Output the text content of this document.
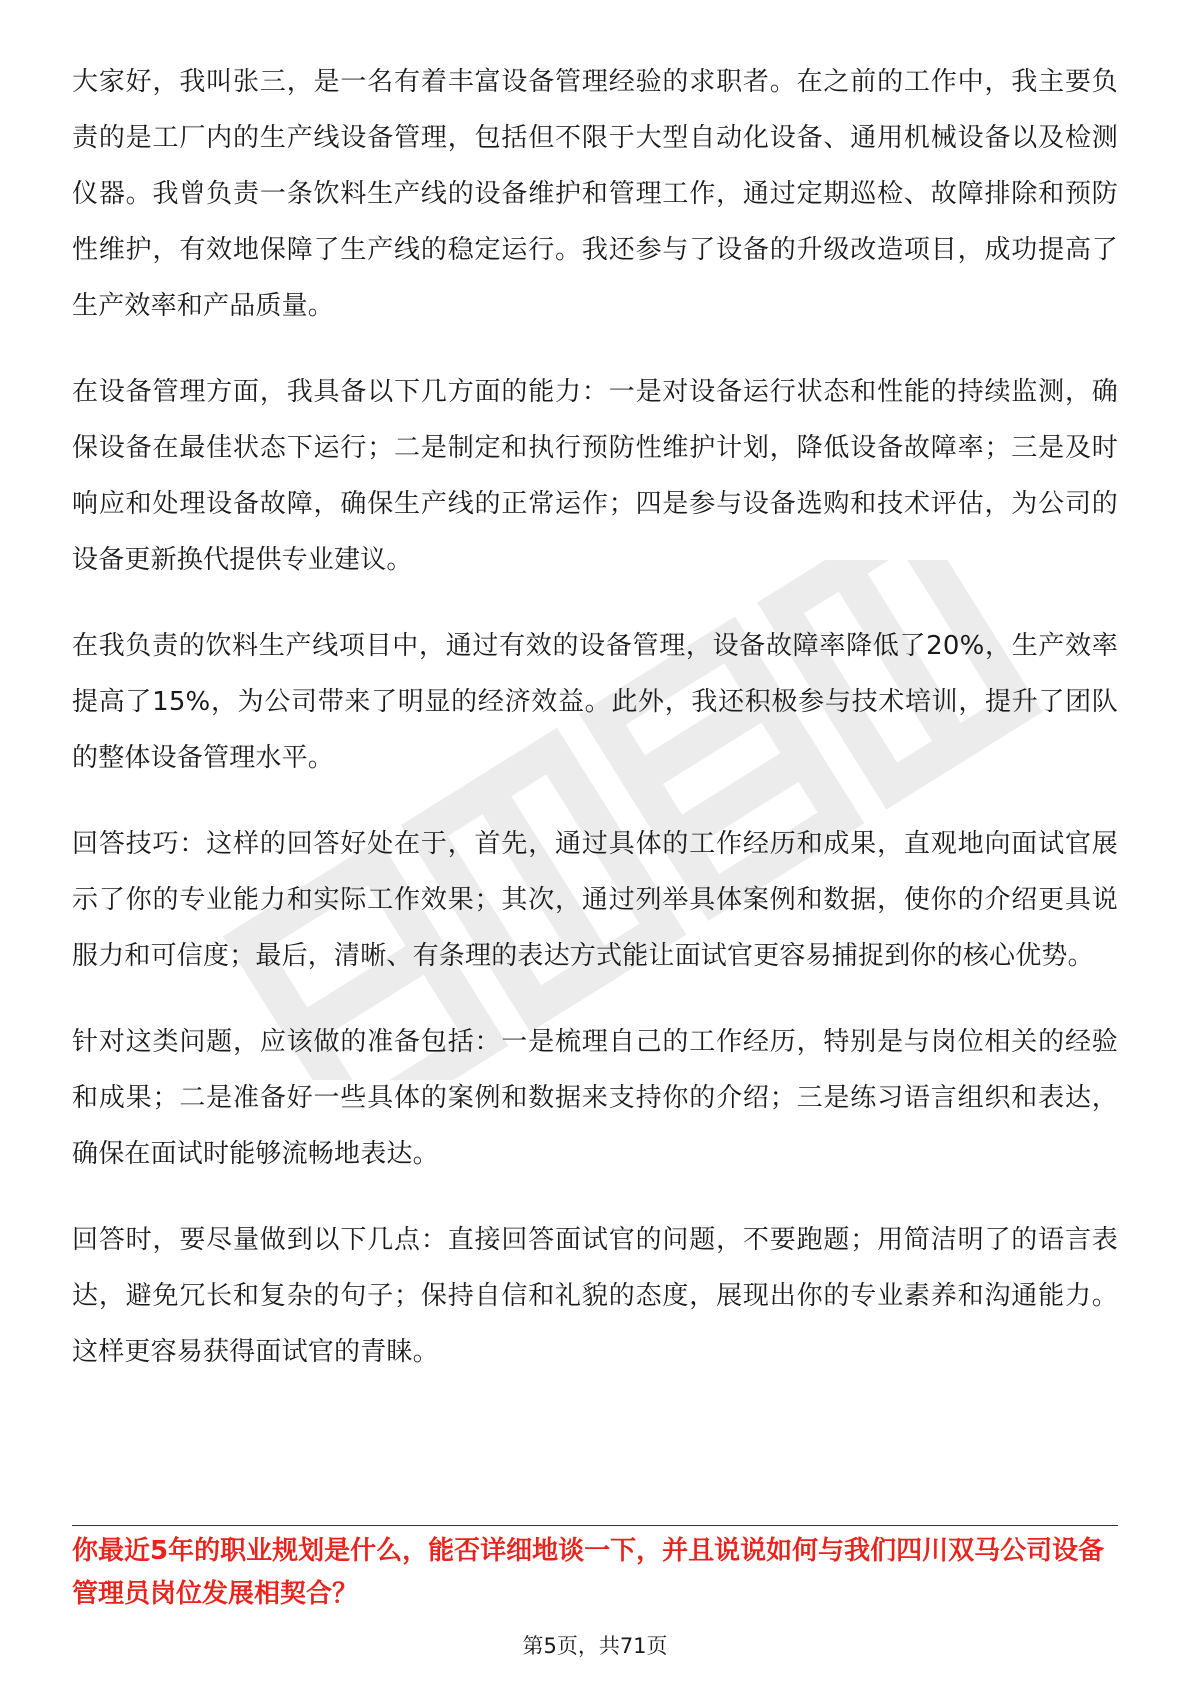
大家好，我叫张三，是一名有着丰富设备管理经验的求职者。在之前的工作中，我主要负责的是工厂内的生产线设备管理，包括但不限于大型自动化设备、通用机械设备以及检测仪器。我曾负责一条饮料生产线的设备维护和管理工作，通过定期巡检、故障排除和预防性维护，有效地保障了生产线的稳定运行。我还参与了设备的升级改造项目，成功提高了生产效率和产品质量。

在设备管理方面，我具备以下几方面的能力：一是对设备运行状态和性能的持续监测，确保设备在最佳状态下运行；二是制定和执行预防性维护计划，降低设备故障率；三是及时响应和处理设备故障，确保生产线的正常运作；四是参与设备选购和技术评估，为公司的设备更新换代提供专业建议。

在我负责的饮料生产线项目中，通过有效的设备管理，设备故障率降低了20%，生产效率提高了15%，为公司带来了明显的经济效益。此外，我还积极参与技术培训，提升了团队的整体设备管理水平。

回答技巧：这样的回答好处在于，首先，通过具体的工作经历和成果，直观地向面试官展示了你的专业能力和实际工作效果；其次，通过列举具体案例和数据，使你的介绍更具说服力和可信度；最后，清晰、有条理的表达方式能让面试官更容易捕捉到你的核心优势。

针对这类问题，应该做的准备包括：一是梳理自己的工作经历，特别是与岗位相关的经验和成果；二是准备好一些具体的案例和数据来支持你的介绍；三是练习语言组织和表达，确保在面试时能够流畅地表达。

回答时，要尽量做到以下几点：直接回答面试官的问题，不要跑题；用简洁明了的语言表达，避免冗长和复杂的句子；保持自信和礼貌的态度，展现出你的专业素养和沟通能力。这样更容易获得面试官的青睐。

你最近5年的职业规划是什么，能否详细地谈一下，并且说说如何与我们四川双马公司设备管理员岗位发展相契合？

第5页，共71页
